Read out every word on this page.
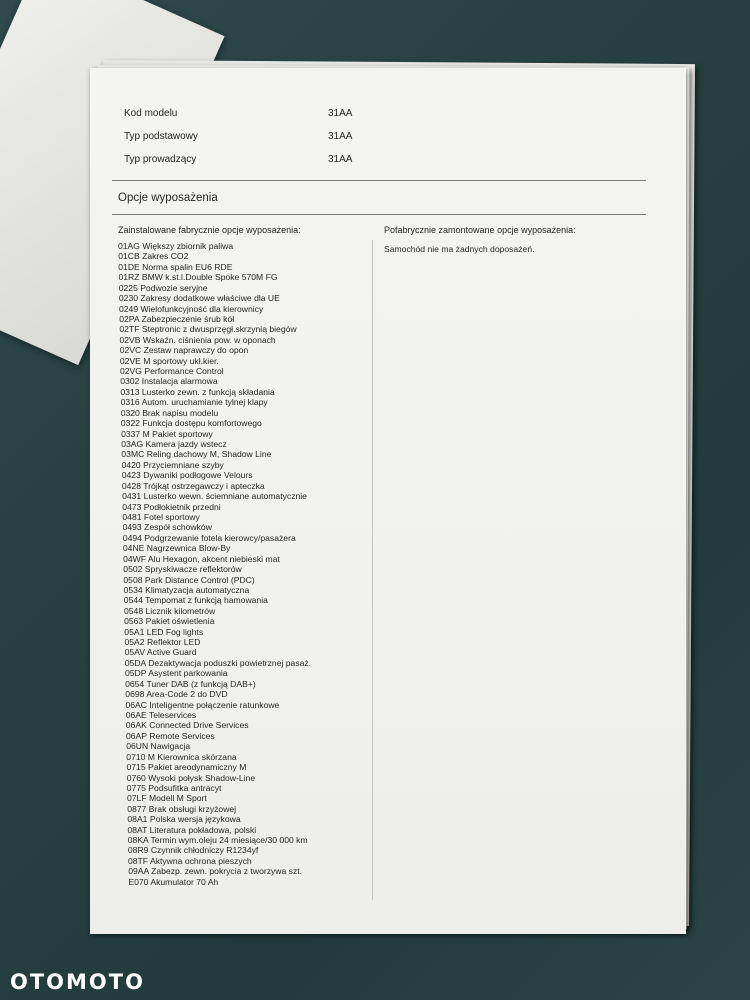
Kod modelu	31AA
Typ podstawowy	31AA
Typ prowadzący	31AA
Opcje wyposażenia
Zainstalowane fabrycznie opcje wyposażenia:	Pofabrycznie zamontowane opcje wyposażenia:
01AG Większy zbiornik paliwa
01CB Zakres CO2
01DE Norma spalin EU6 RDE
01RZ BMW k.st.l.Double Spoke 570M FG
0225 Podwozie seryjne
0230 Zakresy dodatkowe właściwe dla UE
0249 Wielofunkcyjność dla kierownicy
02PA Zabezpieczenie śrub kół
02TF Steptronic z dwusprzęgł.skrzynią biegów
02VB Wskaźn. ciśnienia pow. w oponach
02VC Zestaw naprawczy do opon
02VE M sportowy ukł.kier.
02VG Performance Control
0302 Instalacja alarmowa
0313 Lusterko zewn. z funkcją składania
0316 Autom. uruchamianie tylnej klapy
0320 Brak napisu modelu
0322 Funkcja dostępu komfortowego
0337 M Pakiet sportowy
03AG Kamera jazdy wstecz
03MC Reling dachowy M, Shadow Line
0420 Przyciemniane szyby
0423 Dywaniki podłogowe Velours
0428 Trójkąt ostrzegawczy i apteczka
0431 Lusterko wewn. ściemniane automatycznie
0473 Podłokietnik przedni
0481 Fotel sportowy
0493 Zespół schowków
0494 Podgrzewanie fotela kierowcy/pasażera
04NE Nagrzewnica Blow-By
04WF Alu Hexagon, akcent niebieski mat
0502 Spryskiwacze reflektorów
0508 Park Distance Control (PDC)
0534 Klimatyzacja automatyczna
0544 Tempomat z funkcją hamowania
0548 Licznik kilometrów
0563 Pakiet oświetlenia
05A1 LED Fog lights
05A2 Reflektor LED
05AV Active Guard
05DA Dezaktywacja poduszki powietrznej pasaż.
05DP Asystent parkowania
0654 Tuner DAB (z funkcją DAB+)
0698 Area-Code 2 do DVD
06AC Inteligentne połączenie ratunkowe
06AE Teleservices
06AK Connected Drive Services
06AP Remote Services
06UN Nawigacja
0710 M Kierownica skórzana
0715 Pakiet areodynamiczny M
0760 Wysoki połysk Shadow-Line
0775 Podsufitka antracyt
07LF Modell M Sport
0877 Brak obsługi krzyżowej
08A1 Polska wersja językowa
08AT Literatura pokładowa, polski
08KA Termin wym.oleju 24 miesiące/30 000 km
08R9 Czynnik chłodniczy R1234yf
08TF Aktywna ochrona pieszych
09AA Zabezp. zewn. pokrycia z tworzywa szt.
E070 Akumulator 70 Ah
Samochód nie ma żadnych doposażeń.
OTOMOTO
